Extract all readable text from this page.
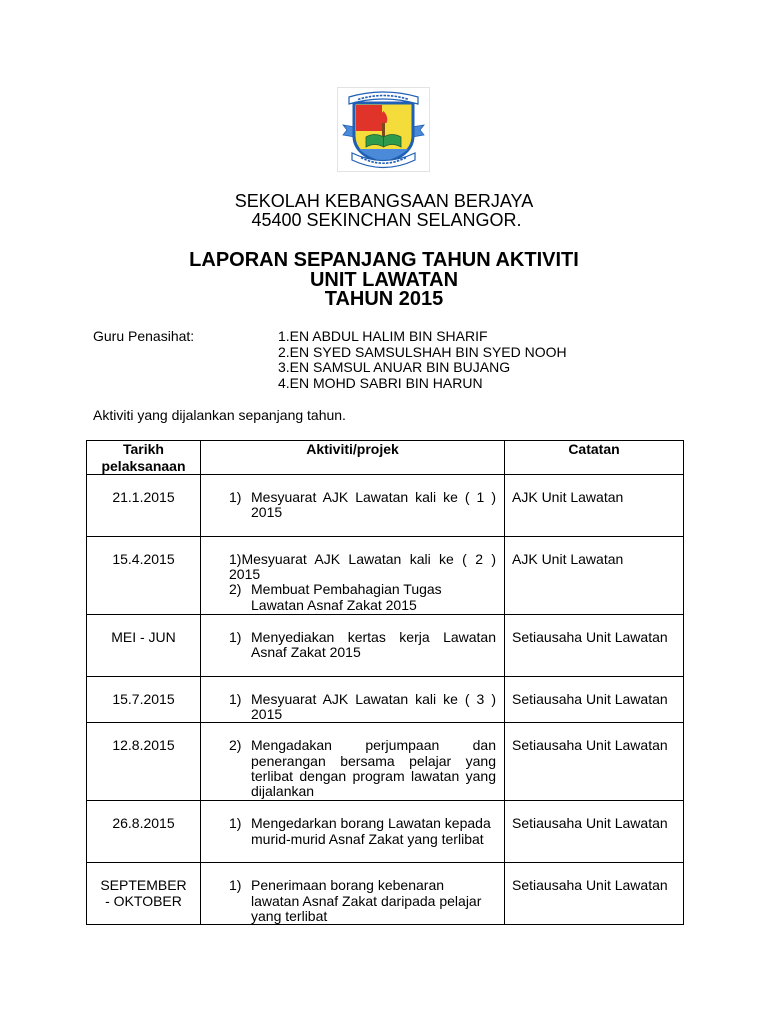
SEKOLAH KEBANGSAAN BERJAYA
45400 SEKINCHAN SELANGOR.
LAPORAN SEPANJANG TAHUN AKTIVITI
UNIT LAWATAN
TAHUN 2015
Guru Penasihat:	1.EN ABDUL HALIM BIN SHARIF
2.EN SYED SAMSULSHAH BIN SYED NOOH
3.EN SAMSUL ANUAR BIN BUJANG
4.EN MOHD SABRI BIN HARUN
Aktiviti yang dijalankan sepanjang tahun.
Tarikh pelaksanaan	Aktiviti/projek	Catatan
21.1.2015	1) Mesyuarat AJK Lawatan kali ke ( 1 )
2015	AJK Unit Lawatan
15.4.2015	1)Mesyuarat AJK Lawatan kali ke ( 2 )
2015
2) Membuat Pembahagian Tugas
Lawatan Asnaf Zakat 2015	AJK Unit Lawatan
MEI - JUN	1) Menyediakan kertas kerja Lawatan
Asnaf Zakat 2015	Setiausaha Unit Lawatan
15.7.2015	1) Mesyuarat AJK Lawatan kali ke ( 3 )
2015	Setiausaha Unit Lawatan
12.8.2015	2) Mengadakan perjumpaan dan
penerangan bersama pelajar yang
terlibat dengan program lawatan yang
dijalankan	Setiausaha Unit Lawatan
26.8.2015	1) Mengedarkan borang Lawatan kepada
murid-murid Asnaf Zakat yang terlibat	Setiausaha Unit Lawatan
SEPTEMBER - OKTOBER	1) Penerimaan borang kebenaran
lawatan Asnaf Zakat daripada pelajar
yang terlibat	Setiausaha Unit Lawatan
